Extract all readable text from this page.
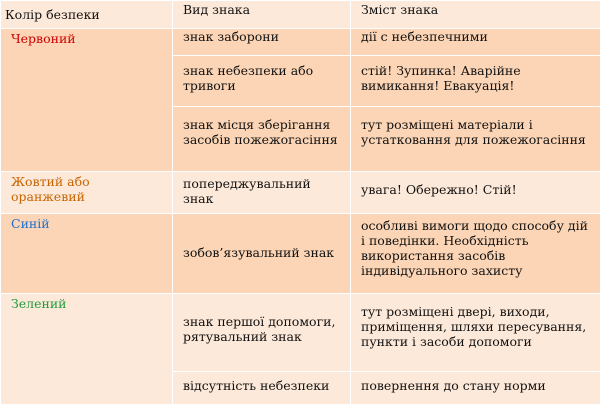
Колір безпеки	Вид знака	Зміст знака
Червоний	знак заборони	дії с небезпечними
	знак небезпеки або тривоги	стій! Зупинка! Аварійне вимикання! Евакуація!
	знак місця зберігання засобів пожежогасіння	тут розміщені матеріали і устатковання для пожежогасіння
Жовтий або оранжевий	попереджувальний знак	увага! Обережно! Стій!
Синій	зобов’язувальний знак	особливі вимоги щодо способу дій і поведінки. Необхідність використання засобів індивідуального захисту
Зелений	знак першої допомоги, рятувальний знак	тут розміщені двері, виходи, приміщення, шляхи пересування, пункти і засоби допомоги
	відсутність небезпеки	повернення до стану норми
